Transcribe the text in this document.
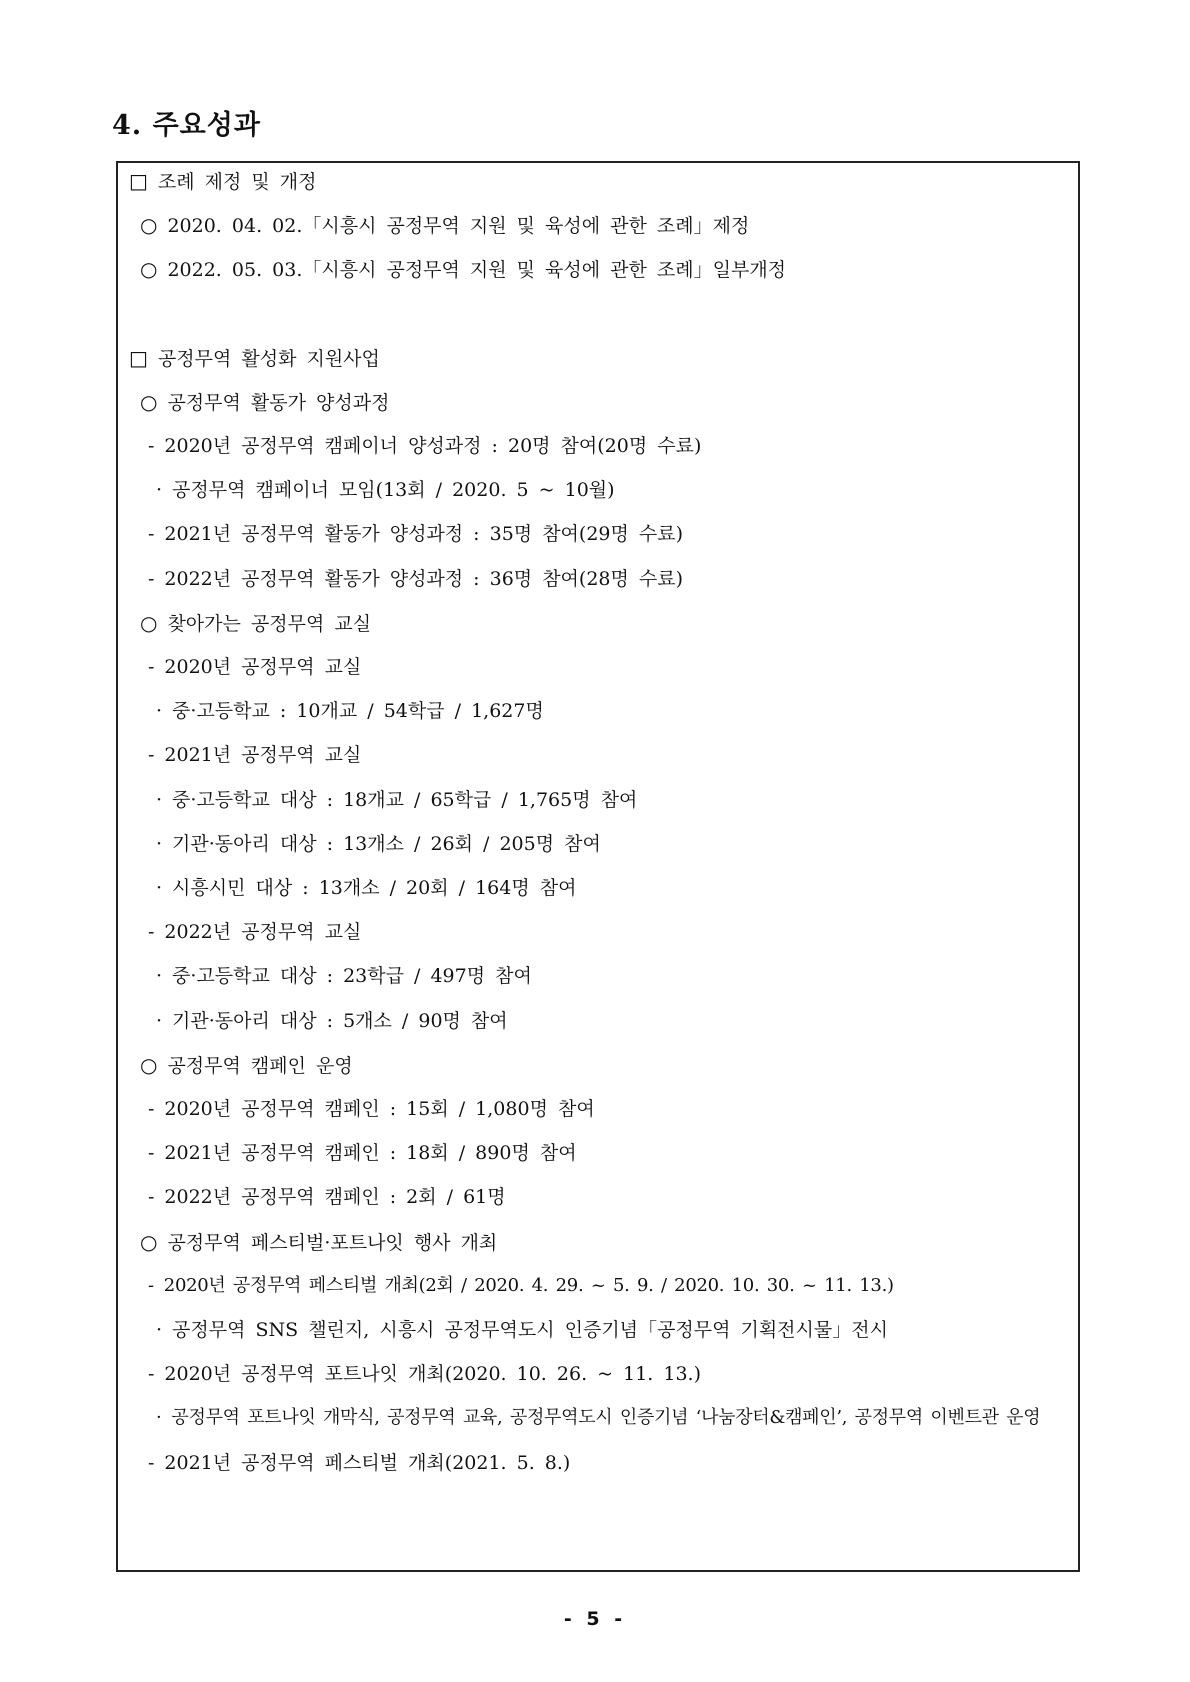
4. 주요성과
□ 조례 제정 및 개정
○ 2020. 04. 02.「시흥시 공정무역 지원 및 육성에 관한 조례」제정
○ 2022. 05. 03.「시흥시 공정무역 지원 및 육성에 관한 조례」일부개정
□ 공정무역 활성화 지원사업
○ 공정무역 활동가 양성과정
- 2020년 공정무역 캠페이너 양성과정 : 20명 참여(20명 수료)
· 공정무역 캠페이너 모임(13회 / 2020. 5 ~ 10월)
- 2021년 공정무역 활동가 양성과정 : 35명 참여(29명 수료)
- 2022년 공정무역 활동가 양성과정 : 36명 참여(28명 수료)
○ 찾아가는 공정무역 교실
- 2020년 공정무역 교실
· 중·고등학교 : 10개교 / 54학급 / 1,627명
- 2021년 공정무역 교실
· 중·고등학교 대상 : 18개교 / 65학급 / 1,765명 참여
· 기관·동아리 대상 : 13개소 / 26회 / 205명 참여
· 시흥시민 대상 : 13개소 / 20회 / 164명 참여
- 2022년 공정무역 교실
· 중·고등학교 대상 : 23학급 / 497명 참여
· 기관·동아리 대상 : 5개소 / 90명 참여
○ 공정무역 캠페인 운영
- 2020년 공정무역 캠페인 : 15회 / 1,080명 참여
- 2021년 공정무역 캠페인 : 18회 / 890명 참여
- 2022년 공정무역 캠페인 : 2회 / 61명
○ 공정무역 페스티벌·포트나잇 행사 개최
- 2020년 공정무역 페스티벌 개최(2회 / 2020. 4. 29. ~ 5. 9. / 2020. 10. 30. ~ 11. 13.)
· 공정무역 SNS 챌린지, 시흥시 공정무역도시 인증기념「공정무역 기획전시물」전시
- 2020년 공정무역 포트나잇 개최(2020. 10. 26. ~ 11. 13.)
· 공정무역 포트나잇 개막식, 공정무역 교육, 공정무역도시 인증기념 ‘나눔장터&캠페인’, 공정무역 이벤트관 운영
- 2021년 공정무역 페스티벌 개최(2021. 5. 8.)
- 5 -
